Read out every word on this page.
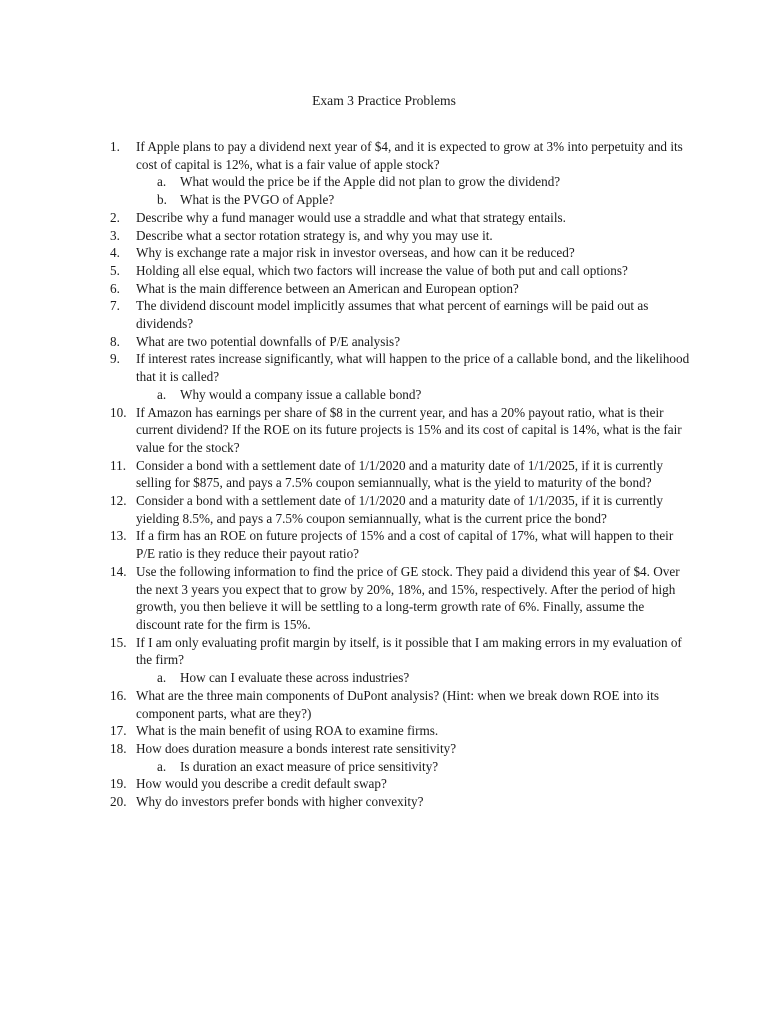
Exam 3 Practice Problems
1.	If Apple plans to pay a dividend next year of $4, and it is expected to grow at 3% into perpetuity and its cost of capital is 12%, what is a fair value of apple stock?
a.	What would the price be if the Apple did not plan to grow the dividend?
b. What is the PVGO of Apple?
2.	Describe why a fund manager would use a straddle and what that strategy entails.
3.	Describe what a sector rotation strategy is, and why you may use it.
4.	Why is exchange rate a major risk in investor overseas, and how can it be reduced?
5.	Holding all else equal, which two factors will increase the value of both put and call options?
6.	What is the main difference between an American and European option?
7.	The dividend discount model implicitly assumes that what percent of earnings will be paid out as dividends?
8.	What are two potential downfalls of P/E analysis?
9.	If interest rates increase significantly, what will happen to the price of a callable bond, and the likelihood that it is called?
a.	Why would a company issue a callable bond?
10. If Amazon has earnings per share of $8 in the current year, and has a 20% payout ratio, what is their current dividend? If the ROE on its future projects is 15% and its cost of capital is 14%, what is the fair value for the stock?
11. Consider a bond with a settlement date of 1/1/2020 and a maturity date of 1/1/2025, if it is currently selling for $875, and pays a 7.5% coupon semiannually, what is the yield to maturity of the bond?
12. Consider a bond with a settlement date of 1/1/2020 and a maturity date of 1/1/2035, if it is currently yielding 8.5%, and pays a 7.5% coupon semiannually, what is the current price the bond?
13. If a firm has an ROE on future projects of 15% and a cost of capital of 17%, what will happen to their P/E ratio is they reduce their payout ratio?
14. Use the following information to find the price of GE stock. They paid a dividend this year of $4. Over the next 3 years you expect that to grow by 20%, 18%, and 15%, respectively. After the period of high growth, you then believe it will be settling to a long-term growth rate of 6%. Finally, assume the discount rate for the firm is 15%.
15. If I am only evaluating profit margin by itself, is it possible that I am making errors in my evaluation of the firm?
a.	How can I evaluate these across industries?
16. What are the three main components of DuPont analysis? (Hint: when we break down ROE into its component parts, what are they?)
17. What is the main benefit of using ROA to examine firms.
18. How does duration measure a bonds interest rate sensitivity?
a.	Is duration an exact measure of price sensitivity?
19. How would you describe a credit default swap?
20. Why do investors prefer bonds with higher convexity?
